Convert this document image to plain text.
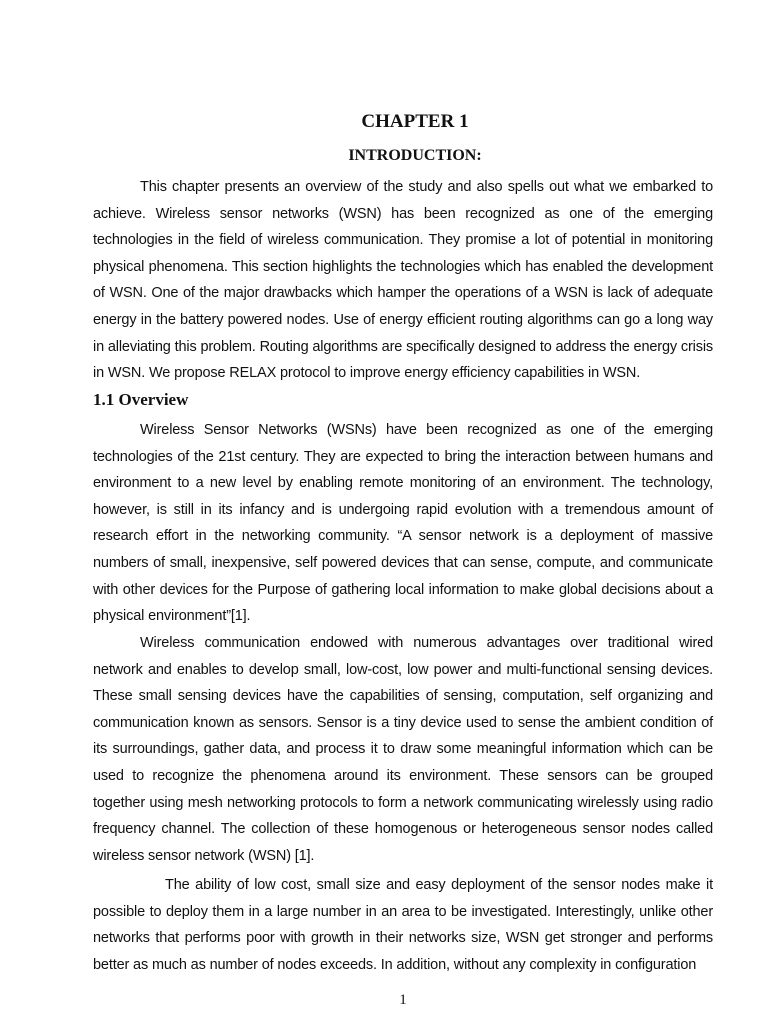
CHAPTER 1
INTRODUCTION:

This chapter presents an overview of the study and also spells out what we embarked to achieve. Wireless sensor networks (WSN) has been recognized as one of the emerging technologies in the field of wireless communication. They promise a lot of potential in monitoring physical phenomena. This section highlights the technologies which has enabled the development of WSN. One of the major drawbacks which hamper the operations of a WSN is lack of adequate energy in the battery powered nodes. Use of energy efficient routing algorithms can go a long way in alleviating this problem. Routing algorithms are specifically designed to address the energy crisis in WSN. We propose RELAX protocol to improve energy efficiency capabilities in WSN.

1.1 Overview

Wireless Sensor Networks (WSNs) have been recognized as one of the emerging technologies of the 21st century. They are expected to bring the interaction between humans and environment to a new level by enabling remote monitoring of an environment. The technology, however, is still in its infancy and is undergoing rapid evolution with a tremendous amount of research effort in the networking community. “A sensor network is a deployment of massive numbers of small, inexpensive, self powered devices that can sense, compute, and communicate with other devices for the Purpose of gathering local information to make global decisions about a physical environment”[1].

Wireless communication endowed with numerous advantages over traditional wired network and enables to develop small, low-cost, low power and multi-functional sensing devices. These small sensing devices have the capabilities of sensing, computation, self organizing and communication known as sensors. Sensor is a tiny device used to sense the ambient condition of its surroundings, gather data, and process it to draw some meaningful information which can be used to recognize the phenomena around its environment. These sensors can be grouped together using mesh networking protocols to form a network communicating wirelessly using radio frequency channel. The collection of these homogenous or heterogeneous sensor nodes called wireless sensor network (WSN) [1].

The ability of low cost, small size and easy deployment of the sensor nodes make it possible to deploy them in a large number in an area to be investigated. Interestingly, unlike other networks that performs poor with growth in their networks size, WSN get stronger and performs better as much as number of nodes exceeds. In addition, without any complexity in configuration

1
